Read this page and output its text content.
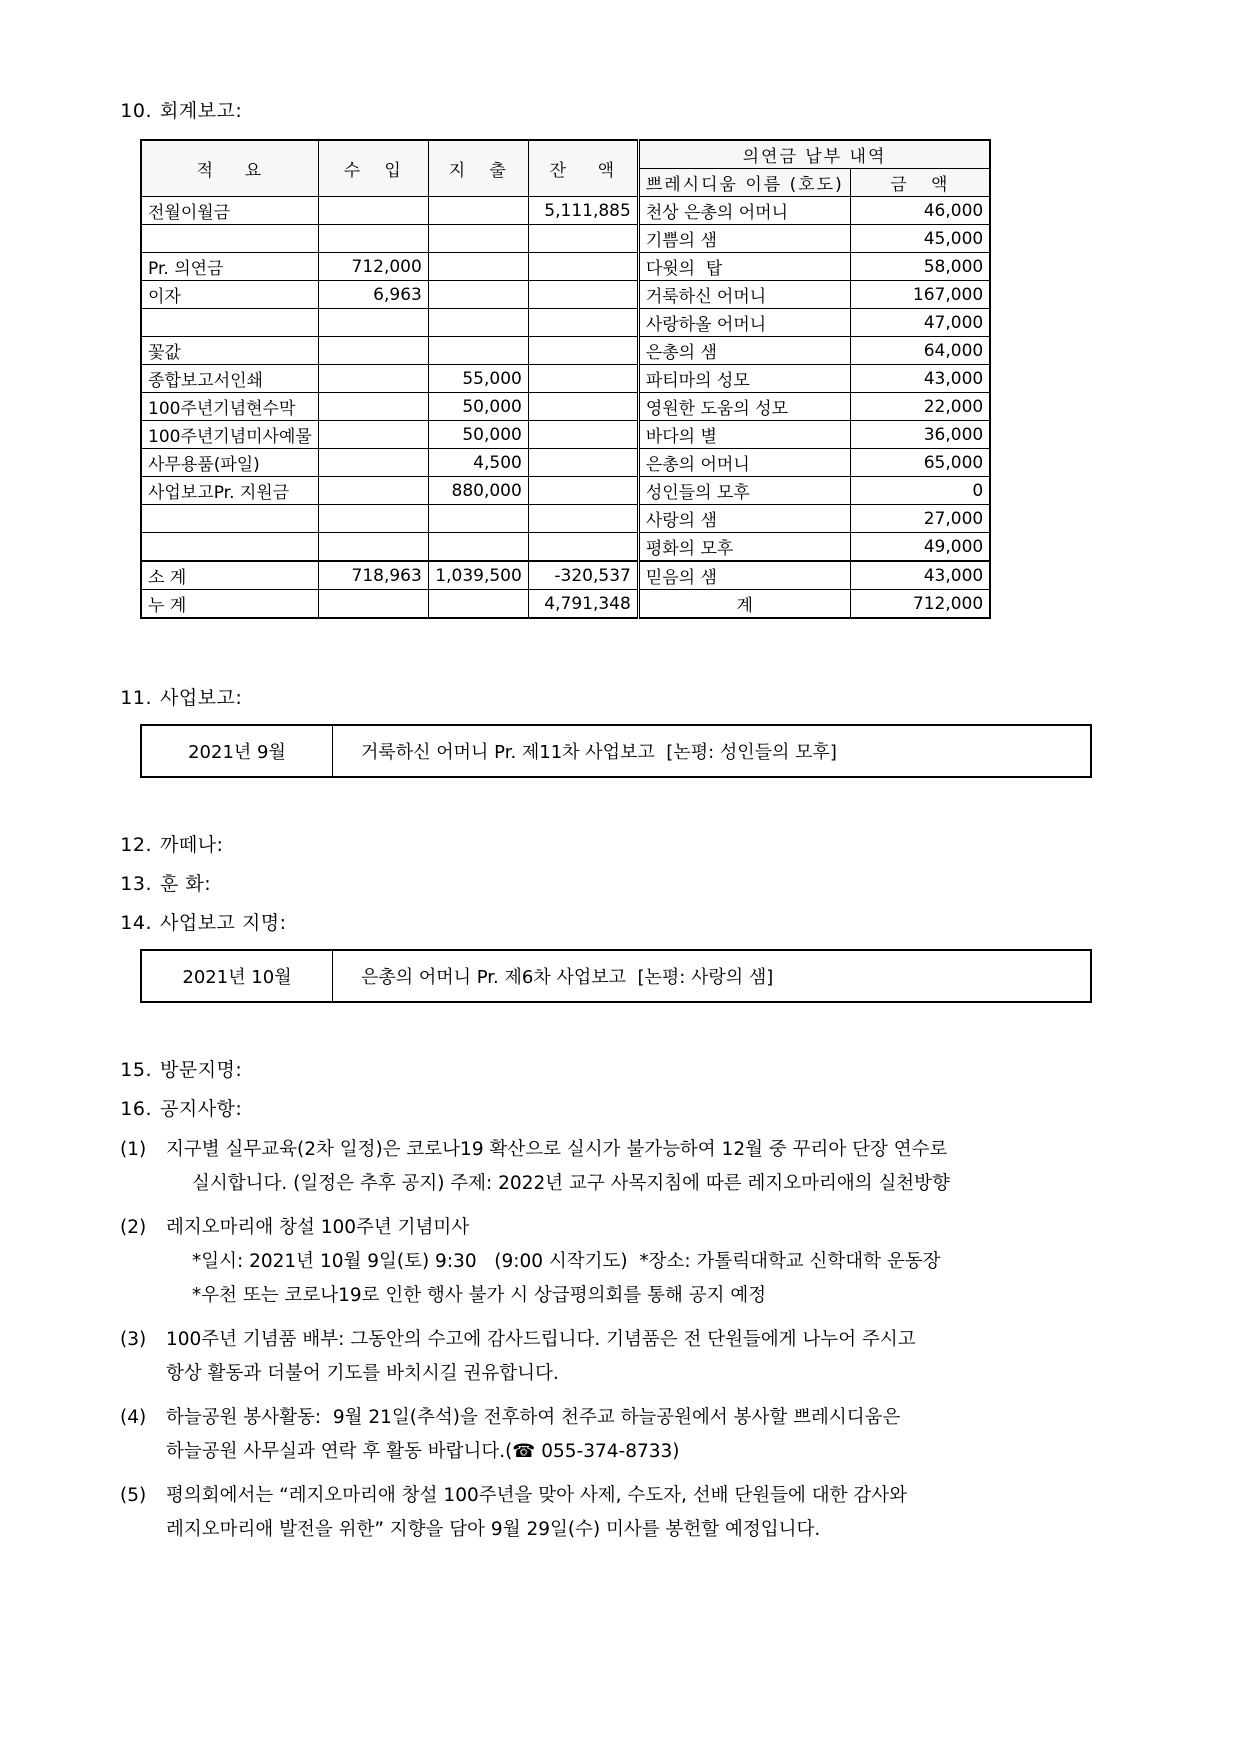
10. 회계보고:
적    요	수   입	지   출	잔    액	의연금 납부 내역	
				쁘레시디움 이름 (호도)	금   액
전월이월금			5,111,885	천상 은총의 어머니	46,000
				기쁨의 샘	45,000
Pr. 의연금	712,000			다윗의  탑	58,000
이자	6,963			거룩하신 어머니	167,000
				사랑하올 어머니	47,000
꽃값				은총의 샘	64,000
종합보고서인쇄		55,000		파티마의 성모	43,000
100주년기념현수막		50,000		영원한 도움의 성모	22,000
100주년기념미사예물		50,000		바다의 별	36,000
사무용품(파일)		4,500		은총의 어머니	65,000
사업보고Pr. 지원금		880,000		성인들의 모후	0
				사랑의 샘	27,000
				평화의 모후	49,000
소 계	718,963	1,039,500	-320,537	믿음의 샘	43,000
누 계			4,791,348	계	712,000
11. 사업보고:
2021년 9월	거룩하신 어머니 Pr. 제11차 사업보고  [논평: 성인들의 모후]
12. 까떼나:
13. 훈 화:
14. 사업보고 지명:
2021년 10월	은총의 어머니 Pr. 제6차 사업보고  [논평: 사랑의 샘]
15. 방문지명:
16. 공지사항:
(1)	지구별 실무교육(2차 일정)은 코로나19 확산으로 실시가 불가능하여 12월 중 꾸리아 단장 연수로

실시합니다. (일정은 추후 공지) 주제: 2022년 교구 사목지침에 따른 레지오마리애의 실천방향

(2)	레지오마리애 창설 100주년 기념미사

*일시: 2021년 10월 9일(토) 9:30   (9:00 시작기도)  *장소: 가톨릭대학교 신학대학 운동장

*우천 또는 코로나19로 인한 행사 불가 시 상급평의회를 통해 공지 예정

(3)	100주년 기념품 배부: 그동안의 수고에 감사드립니다. 기념품은 전 단원들에게 나누어 주시고

항상 활동과 더불어 기도를 바치시길 권유합니다.

(4)	하늘공원 봉사활동:  9월 21일(추석)을 전후하여 천주교 하늘공원에서 봉사할 쁘레시디움은

하늘공원 사무실과 연락 후 활동 바랍니다.(☎ 055-374-8733)

(5)	평의회에서는 “레지오마리애 창설 100주년을 맞아 사제, 수도자, 선배 단원들에 대한 감사와

레지오마리애 발전을 위한” 지향을 담아 9월 29일(수) 미사를 봉헌할 예정입니다.
